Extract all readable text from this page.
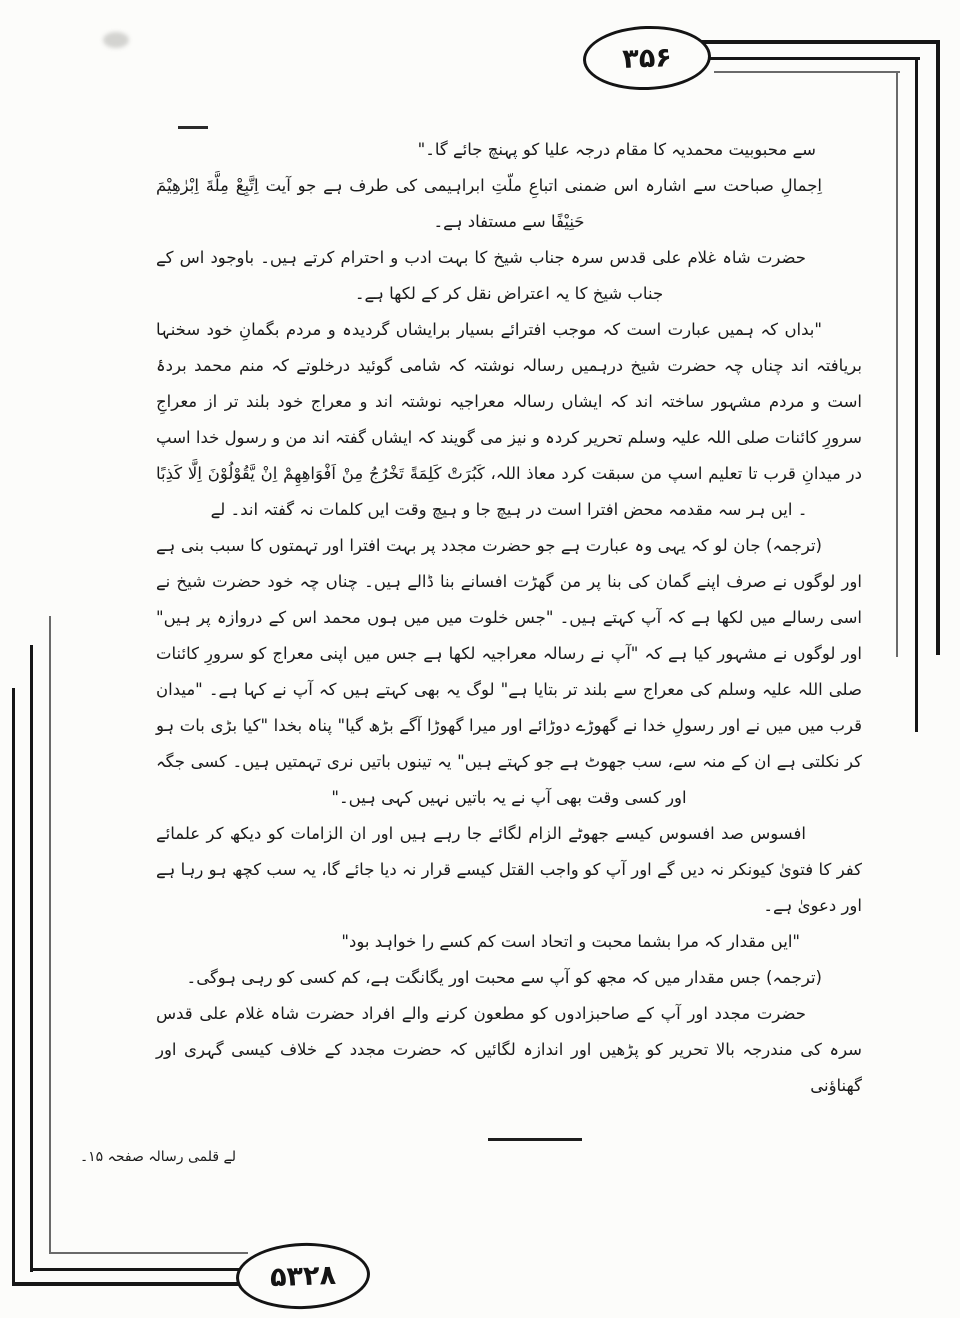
۳۵۶
۵۳۲۸

سے محبوبیت محمدیہ کا مقام درجہ علیا کو پہنچ جائے گا۔"

اِجمالِ صباحت سے اشارہ اس ضمنی اتباعِ ملّتِ ابراہیمی کی طرف ہے جو آیت اِتَّبِعْ مِلَّةَ اِبْرٰهِيْمَ حَنِيْفًا سے مستفاد ہے۔

حضرت شاہ غلام علی قدس سرہ جناب شیخ کا بہت ادب و احترام کرتے ہیں۔ باوجود اس کے جناب شیخ کا یہ اعتراض نقل کر کے لکھا ہے۔

"بداں کہ ہمیں عبارت است کہ موجب افترائے بسیار برایشاں گردیدہ و مردم بگمانِ خود سخنہا بریافتہ اند چناں چہ حضرت شیخ درہمیں رسالہ نوشتہ کہ شامی گوئید درخلوتے کہ منم محمد بردۂ است و مردم مشہور ساختہ اند کہ ایشاں رسالہ معراجیہ نوشتہ اند و معراج خود بلند تر از معراجِ سرورِ کائنات صلی اللہ علیہ وسلم تحریر کردہ و نیز می گویند کہ ایشاں گفتہ اند من و رسول خدا اسپ در میدانِ قرب تا تعلیم اسپ من سبقت کرد معاذ اللہ، كَبُرَتْ كَلِمَةً تَخْرُجُ مِنْ اَفْوَاهِهِمْ اِنْ يَّقُوْلُوْنَ اِلَّا كَذِبًا ۔ ایں ہر سہ مقدمہ محض افترا است در ہیچ جا و ہیچ وقت ایں کلمات نہ گفتہ اند۔ لے

(ترجمہ) جان لو کہ یہی وہ عبارت ہے جو حضرت مجدد پر بہت افترا اور تہمتوں کا سبب بنی ہے اور لوگوں نے صرف اپنے گمان کی بنا پر من گھڑت افسانے بنا ڈالے ہیں۔ چناں چہ خود حضرت شیخ نے اسی رسالے میں لکھا ہے کہ آپ کہتے ہیں۔ "جس خلوت میں میں ہوں محمد اس کے دروازہ پر ہیں" اور لوگوں نے مشہور کیا ہے کہ "آپ نے رسالہ معراجیہ لکھا ہے جس میں اپنی معراج کو سرورِ کائنات صلی اللہ علیہ وسلم کی معراج سے بلند تر بتایا ہے" لوگ یہ بھی کہتے ہیں کہ آپ نے کہا ہے۔ "میدان قرب میں میں نے اور رسولِ خدا نے گھوڑے دوڑائے اور میرا گھوڑا آگے بڑھ گیا" پناہ بخدا "کیا بڑی بات ہو کر نکلتی ہے ان کے منہ سے، سب جھوٹ ہے جو کہتے ہیں" یہ تینوں باتیں نری تہمتیں ہیں۔ کسی جگہ اور کسی وقت بھی آپ نے یہ باتیں نہیں کہی ہیں۔"

افسوس صد افسوس کیسے جھوٹے الزام لگائے جا رہے ہیں اور ان الزامات کو دیکھ کر علمائے کفر کا فتویٰ کیونکر نہ دیں گے اور آپ کو واجب القتل کیسے قرار نہ دیا جائے گا، یہ سب کچھ ہو رہا ہے اور دعویٰ ہے۔

"ایں مقدار کہ مرا بشما محبت و اتحاد است کم کسے را خواہد بود"

(ترجمہ) جس مقدار میں کہ مجھ کو آپ سے محبت اور یگانگت ہے، کم کسی کو رہی ہوگی۔

حضرت مجدد اور آپ کے صاحبزادوں کو مطعون کرنے والے افراد حضرت شاہ غلام علی قدس سرہ کی مندرجہ بالا تحریر کو پڑھیں اور اندازہ لگائیں کہ حضرت مجدد کے خلاف کیسی گہری اور گھناؤنی

لے قلمی رسالہ صفحہ ۱۵۔
